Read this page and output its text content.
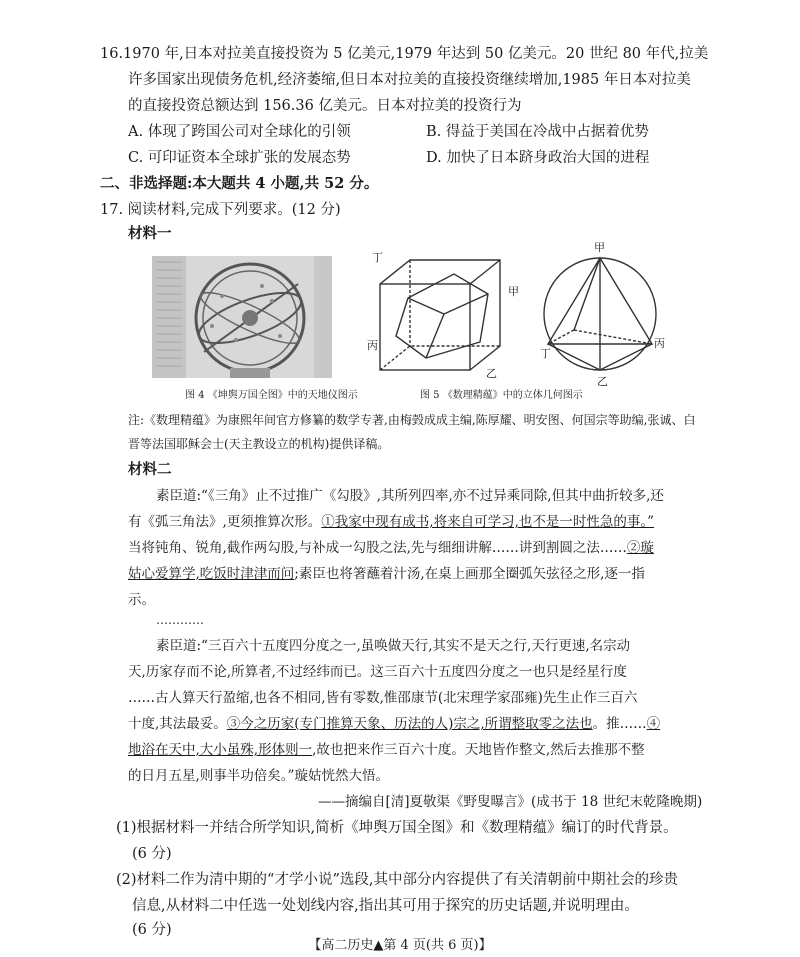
16.1970 年,日本对拉美直接投资为 5 亿美元,1979 年达到 50 亿美元。20 世纪 80 年代,拉美
许多国家出现债务危机,经济萎缩,但日本对拉美的直接投资继续增加,1985 年日本对拉美
的直接投资总额达到 156.36 亿美元。日本对拉美的投资行为
A. 体现了跨国公司对全球化的引领	B. 得益于美国在冷战中占据着优势
C. 可印证资本全球扩张的发展态势	D. 加快了日本跻身政治大国的进程
二、非选择题:本大题共 4 小题,共 52 分。
17. 阅读材料,完成下列要求。(12 分)
材料一
图 4 《坤舆万国全图》中的天地仪图示
丁
甲
丙
乙
甲
丁
丙
乙
图 5 《数理精蕴》中的立体几何图示
注:《数理精蕴》为康熙年间官方修纂的数学专著,由梅瑴成成主编,陈厚耀、明安图、何国宗等助编,张诚、白
晋等法国耶稣会士(天主教设立的机构)提供译稿。
材料二
素臣道:“《三角》止不过推广《勾股》,其所列四率,亦不过异乘同除,但其中曲折较多,还
有《弧三角法》,更须推算次形。①我家中现有成书,将来自可学习,也不是一时性急的事。”
当将钝角、锐角,截作两勾股,与补成一勾股之法,先与细细讲解……讲到割圆之法……②璇
姑心爱算学,吃饭时津津而问;素臣也将箸蘸着汁汤,在桌上画那全圈弧矢弦径之形,逐一指
示。
…………
素臣道:“三百六十五度四分度之一,虽唤做天行,其实不是天之行,天行更速,名宗动
天,历家存而不论,所算者,不过经纬而已。这三百六十五度四分度之一也只是经星行度
……古人算天行盈缩,也各不相同,皆有零数,惟邵康节(北宋理学家邵雍)先生止作三百六
十度,其法最妥。③今之历家(专门推算天象、历法的人)宗之,所谓整取零之法也。推……④
地浴在天中,大小虽殊,形体则一,故也把来作三百六十度。天地皆作整文,然后去推那不整
的日月五星,则事半功倍矣。”璇姑恍然大悟。
——摘编自[清]夏敬渠《野叟曝言》(成书于 18 世纪末乾隆晚期)
(1)根据材料一并结合所学知识,简析《坤舆万国全图》和《数理精蕴》编订的时代背景。
(6 分)
(2)材料二作为清中期的“才学小说”选段,其中部分内容提供了有关清朝前中期社会的珍贵
信息,从材料二中任选一处划线内容,指出其可用于探究的历史话题,并说明理由。
(6 分)
【高二历史▲第 4 页(共 6 页)】
